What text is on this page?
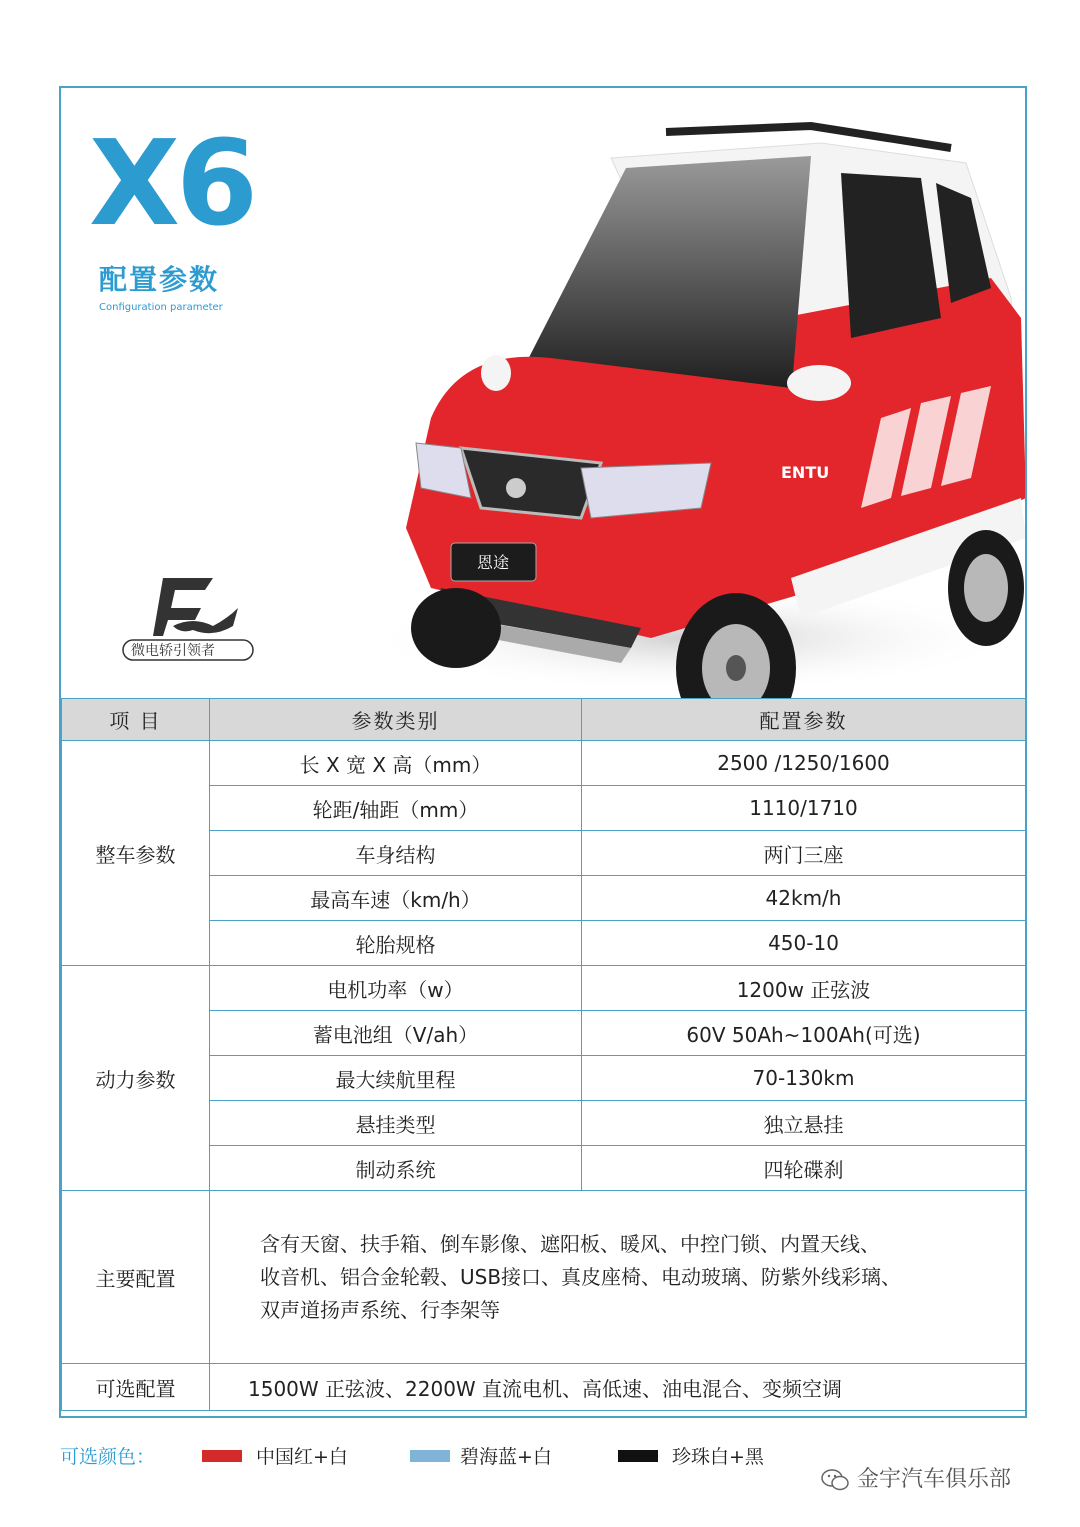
X6
配置参数
Configuration parameter
微电轿引领者
恩途
ENTU
项 目	参数类别	配置参数
整车参数	长 X 宽 X 高（mm）	2500 /1250/1600
	轮距/轴距（mm）	1110/1710
	车身结构	两门三座
	最高车速（km/h）	42km/h
	轮胎规格	450-10
动力参数	电机功率（w）	1200w 正弦波
	蓄电池组（V/ah）	60V 50Ah~100Ah(可选)
	最大续航里程	70-130km
	悬挂类型	独立悬挂
	制动系统	四轮碟刹
主要配置	含有天窗、扶手箱、倒车影像、遮阳板、暖风、中控门锁、内置天线、
收音机、铝合金轮毂、USB接口、真皮座椅、电动玻璃、防紫外线彩璃、
双声道扬声系统、行李架等	

可选配置	1500W 正弦波、2200W 直流电机、高低速、油电混合、变频空调	
可选颜色：	中国红+白	碧海蓝+白	珍珠白+黑
金宇汽车俱乐部
